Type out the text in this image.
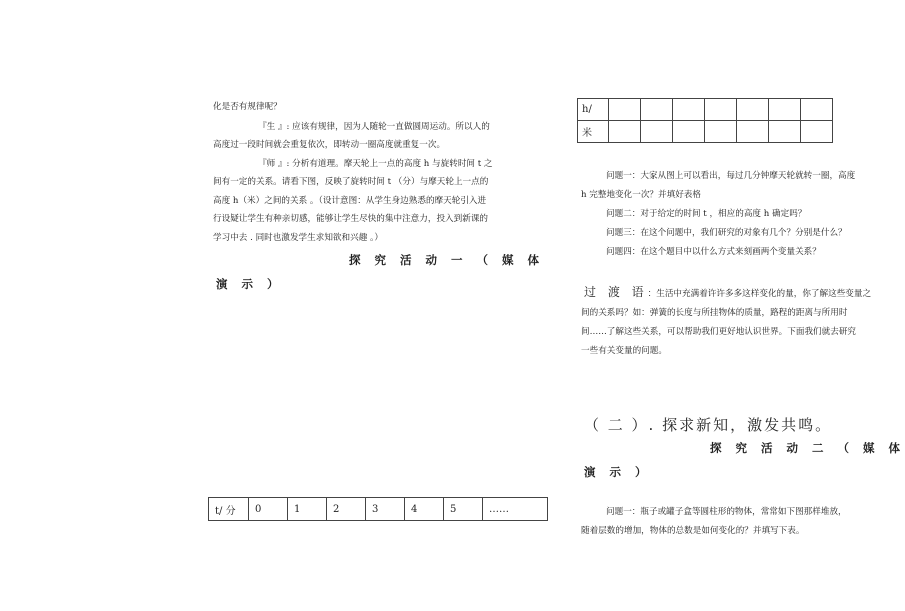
化是否有规律呢？
『生 』: 应该有规律，因为人随轮一直做圆周运动。所以人的
高度过一段时间就会重复依次，即转动一圈高度就重复一次。
『师 』: 分析有道理。摩天轮上一点的高度 h 与旋转时间 t 之
间有一定的关系。请看下图，反映了旋转时间 t （分）与摩天轮上一点的
高度 h（米）之间的关系 。（设计意图：从学生身边熟悉的摩天轮引入进
行设疑让学生有种亲切感，能够让学生尽快的集中注意力，投入到新课的
学习中去 . 同时也激发学生求知欲和兴趣 。）
探 究 活 动 一 （ 媒 体
演 示 ）
t/ 分	0	1	2	3	4	5	……
h/							
米							
问题一：大家从图上可以看出，每过几分钟摩天轮就转一圈，高度
h 完整地变化一次？并填好表格
问题二：对于给定的时间 t ，相应的高度 h 确定吗？
问题三：在这个问题中，我们研究的对象有几个？分别是什么？
问题四：在这个题目中以什么方式来刻画两个变量关系？
过 渡 语：生活中充满着许许多多这样变化的量，你了解这些变量之
间的关系吗？如：弹簧的长度与所挂物体的质量，路程的距离与所用时
间……了解这些关系，可以帮助我们更好地认识世界。下面我们就去研究
一些有关变量的问题。
（ 二 ）. 探求新知，激发共鸣。
探 究 活 动 二 （ 媒 体
演 示 ）
问题一：瓶子或罐子盒等圆柱形的物体，常常如下图那样堆放，
随着层数的增加，物体的总数是如何变化的？并填写下表。
